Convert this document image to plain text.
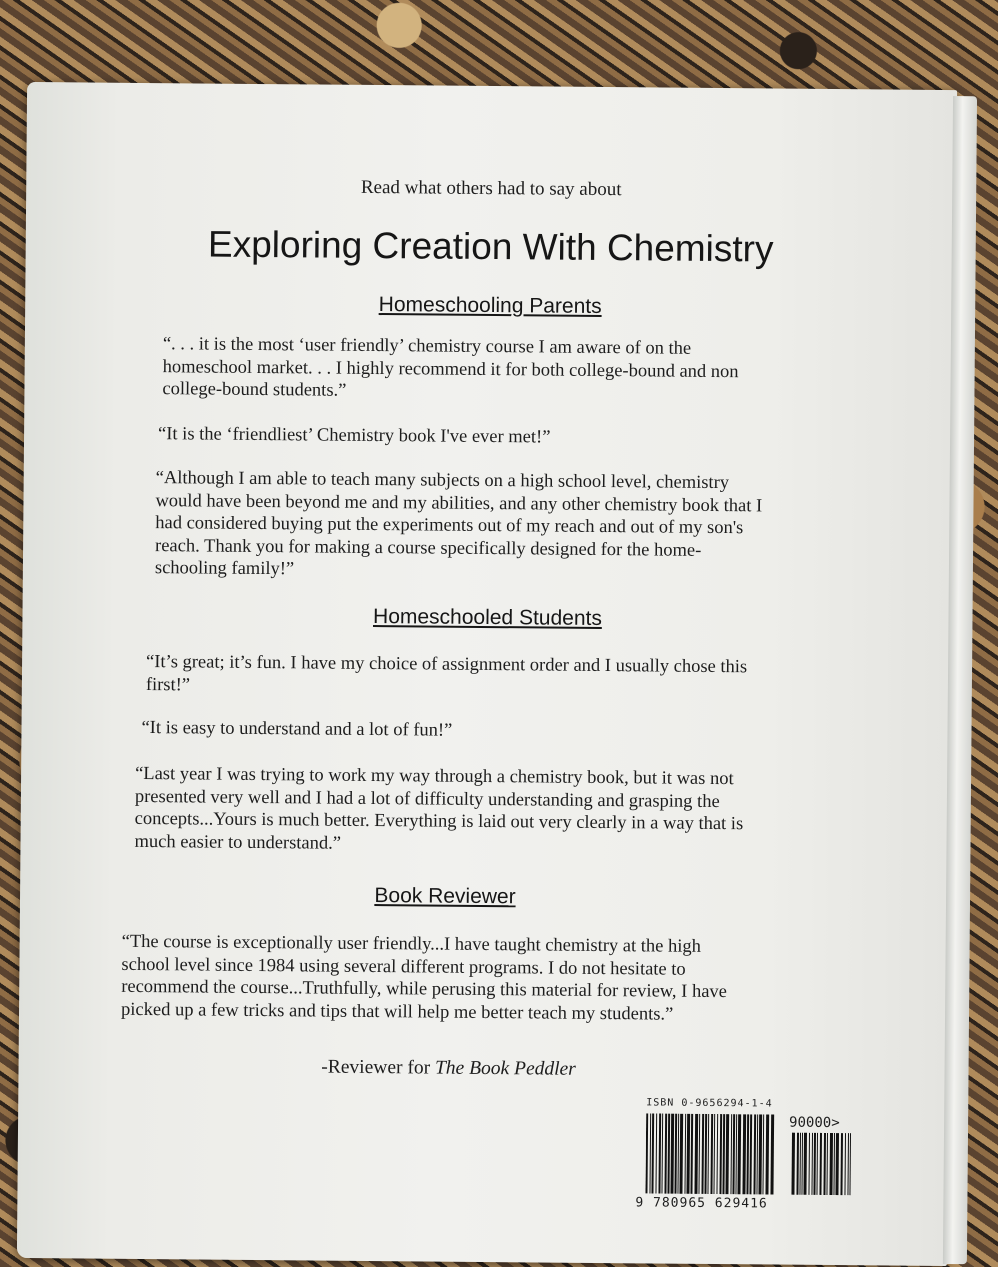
Read what others had to say about
Exploring Creation With Chemistry
Homeschooling Parents
“. . . it is the most ‘user friendly’ chemistry course I am aware of on the
homeschool market. . . I highly recommend it for both college-bound and non
college-bound students.”
“It is the ‘friendliest’ Chemistry book I've ever met!”
“Although I am able to teach many subjects on a high school level, chemistry
would have been beyond me and my abilities, and any other chemistry book that I
had considered buying put the experiments out of my reach and out of my son's
reach. Thank you for making a course specifically designed for the home-
schooling family!”
Homeschooled Students
“It’s great; it’s fun. I have my choice of assignment order and I usually chose this
first!”
“It is easy to understand and a lot of fun!”
“Last year I was trying to work my way through a chemistry book, but it was not
presented very well and I had a lot of difficulty understanding and grasping the
concepts...Yours is much better. Everything is laid out very clearly in a way that is
much easier to understand.”
Book Reviewer
“The course is exceptionally user friendly...I have taught chemistry at the high
school level since 1984 using several different programs. I do not hesitate to
recommend the course...Truthfully, while perusing this material for review, I have
picked up a few tricks and tips that will help me better teach my students.”
-Reviewer for The Book Peddler
ISBN 0-9656294-1-4
90000>
9 780965 629416
